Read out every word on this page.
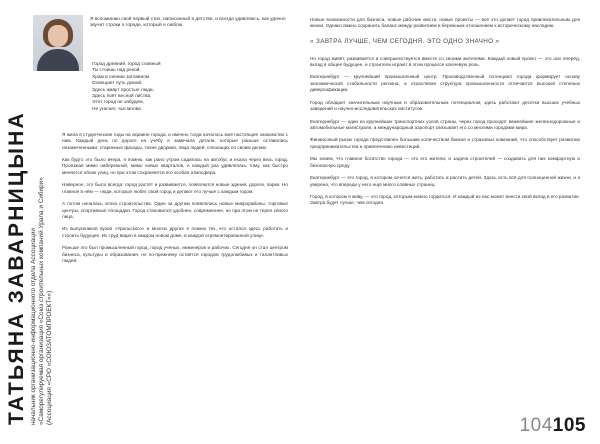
ТАТЬЯНА ЗАВАРНИЦЫНА начальник организационно-информационного отдела Ассоциации «Саморегулируемая организация «Союз строительных компаний Урала и Сибири» (Ассоциация «СРО «СОЮЗАТОМПРОЕКТ»»)
Я вспоминаю свой первый стих, написанный в детстве, и всегда удивляюсь, как удачно звучат строки о городе, который я люблю.
Город древний, город славный
Ты стоишь над рекой,
Храм в сиянии заглавном
Освещает путь домой.
Здесь живут простые люди,
Здесь поёт весной листва,
Этот город не забудем,
Не угаснет, чья молва

Я жила в студенческие годы на окраине города, и именно тогда началось моё настоящее знакомство с ним. Каждый день по дороге на учёбу я замечала детали, которые раньше оставались незамеченными: старинные фасады, тихие дворики, лица людей, спешащих по своим делам.

Как будто это было вчера, я помню, как рано утром садилась на автобус и ехала через весь город. Проезжая мимо набережной, мимо новых кварталов, я каждый раз удивлялась тому, как быстро меняется облик улиц, но при этом сохраняется его особая атмосфера.

Наверное, это было всегда: город растёт и развивается, появляются новые здания, дороги, парки. Но главное в нём — люди, которые любят свой город и делают его лучше с каждым годом.

А потом началась эпоха строительства. Один за другим появлялись новые микрорайоны, торговые центры, спортивные площадки. Город становился удобнее, современнее, но при этом не терял своего лица.

Из выпускников вузов «Уральского» и многих других я помню тех, кто остался здесь работать и строить будущее. Их труд виден в каждом новом доме, в каждой отремонтированной улице.

Раньше это был промышленный город, город учёных, инженеров и рабочих. Сегодня он стал центром бизнеса, культуры и образования, но по-прежнему остаётся городом трудолюбивых и талантливых людей.

Новые возможности для бизнеса, новые рабочие места, новые проекты — всё это делает город привлекательным для жизни. Однако важно сохранить баланс между развитием и бережным отношением к историческому наследию.

« ЗАВТРА ЛУЧШЕ, ЧЕМ СЕГОДНЯ. ЭТО ОДНО ЗНАЧНО »

Но город живёт, развивается и совершенствуется вместе со своими жителями. Каждый новый проект — это шаг вперёд, вклад в общее будущее, и строители играют в этом процессе ключевую роль.

Екатеринбург — крупнейший промышленный центр. Производственный потенциал города формирует основу экономической стабильности региона, а отраслевая структура промышленности отличается высокой степенью диверсификации.

Город обладает значительным научным и образовательным потенциалом, здесь работают десятки высших учебных заведений и научно-исследовательских институтов.

Екатеринбург — один из крупнейших транспортных узлов страны, через город проходят важнейшие железнодорожные и автомобильные магистрали, а международный аэропорт связывает его со многими городами мира.

Финансовый рынок города представлен большим количеством банков и страховых компаний, что способствует развитию предпринимательства и привлечению инвестиций.

Мы знаем, что главное богатство города — это его жители, и задача строителей — создавать для них комфортную и безопасную среду.

Екатеринбург — это город, в котором хочется жить, работать и растить детей. Здесь есть всё для полноценной жизни, и я уверена, что впереди у него ещё много славных страниц.

Город, в котором я живу, — это город, которым можно гордиться. И каждый из нас может внести свой вклад в его развитие. Завтра будет лучше, чем сегодня.

104105
